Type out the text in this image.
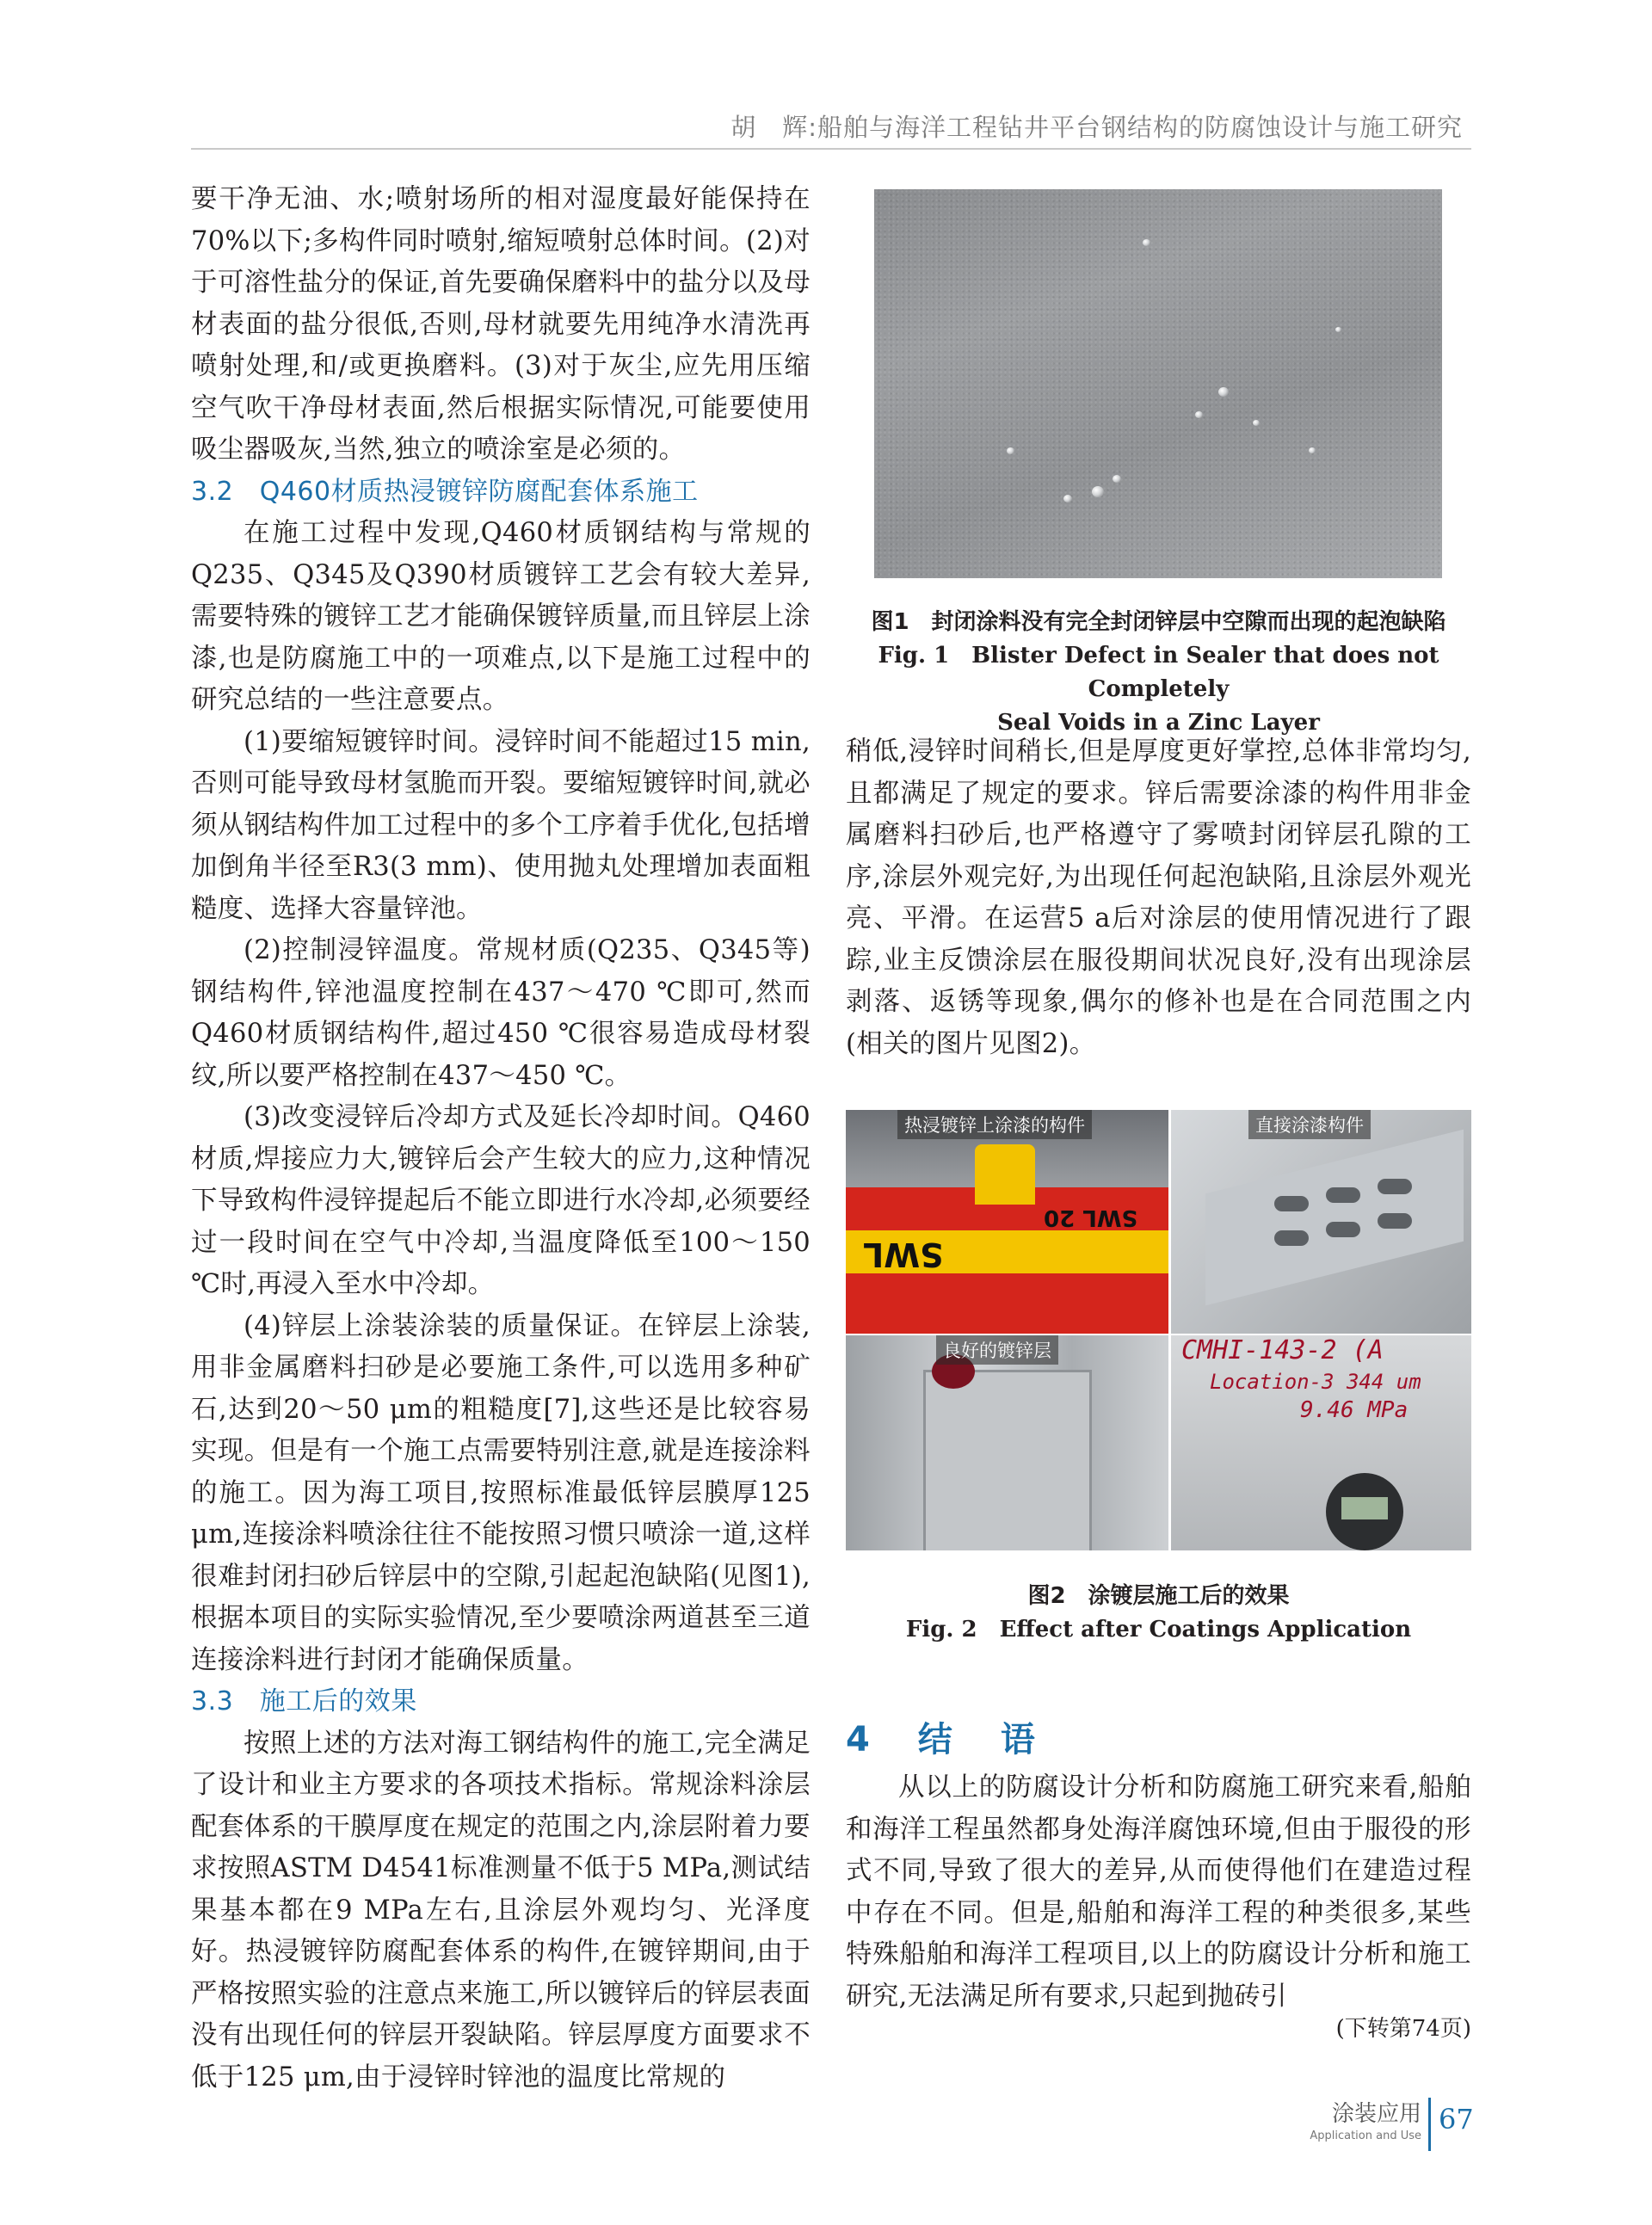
胡　辉:船舶与海洋工程钻井平台钢结构的防腐蚀设计与施工研究

要干净无油、水;喷射场所的相对湿度最好能保持在70%以下;多构件同时喷射,缩短喷射总体时间。(2)对于可溶性盐分的保证,首先要确保磨料中的盐分以及母材表面的盐分很低,否则,母材就要先用纯净水清洗再喷射处理,和/或更换磨料。(3)对于灰尘,应先用压缩空气吹干净母材表面,然后根据实际情况,可能要使用吸尘器吸灰,当然,独立的喷涂室是必须的。

3.2　Q460材质热浸镀锌防腐配套体系施工

在施工过程中发现,Q460材质钢结构与常规的Q235、Q345及Q390材质镀锌工艺会有较大差异,需要特殊的镀锌工艺才能确保镀锌质量,而且锌层上涂漆,也是防腐施工中的一项难点,以下是施工过程中的研究总结的一些注意要点。

(1)要缩短镀锌时间。浸锌时间不能超过15 min,否则可能导致母材氢脆而开裂。要缩短镀锌时间,就必须从钢结构件加工过程中的多个工序着手优化,包括增加倒角半径至R3(3 mm)、使用抛丸处理增加表面粗糙度、选择大容量锌池。

(2)控制浸锌温度。常规材质(Q235、Q345等)钢结构件,锌池温度控制在437～470 ℃即可,然而Q460材质钢结构件,超过450 ℃很容易造成母材裂纹,所以要严格控制在437～450 ℃。

(3)改变浸锌后冷却方式及延长冷却时间。Q460材质,焊接应力大,镀锌后会产生较大的应力,这种情况下导致构件浸锌提起后不能立即进行水冷却,必须要经过一段时间在空气中冷却,当温度降低至100～150 ℃时,再浸入至水中冷却。

(4)锌层上涂装涂装的质量保证。在锌层上涂装,用非金属磨料扫砂是必要施工条件,可以选用多种矿石,达到20～50 μm的粗糙度[7],这些还是比较容易实现。但是有一个施工点需要特别注意,就是连接涂料的施工。因为海工项目,按照标准最低锌层膜厚125 μm,连接涂料喷涂往往不能按照习惯只喷涂一道,这样很难封闭扫砂后锌层中的空隙,引起起泡缺陷(见图1),根据本项目的实际实验情况,至少要喷涂两道甚至三道连接涂料进行封闭才能确保质量。

3.3　施工后的效果

按照上述的方法对海工钢结构件的施工,完全满足了设计和业主方要求的各项技术指标。常规涂料涂层配套体系的干膜厚度在规定的范围之内,涂层附着力要求按照ASTM D4541标准测量不低于5 MPa,测试结果基本都在9 MPa左右,且涂层外观均匀、光泽度好。热浸镀锌防腐配套体系的构件,在镀锌期间,由于严格按照实验的注意点来施工,所以镀锌后的锌层表面没有出现任何的锌层开裂缺陷。锌层厚度方面要求不低于125 μm,由于浸锌时锌池的温度比常规的

图1　封闭涂料没有完全封闭锌层中空隙而出现的起泡缺陷
Fig. 1　Blister Defect in Sealer that does not Completely
Seal Voids in a Zinc Layer

稍低,浸锌时间稍长,但是厚度更好掌控,总体非常均匀,且都满足了规定的要求。锌后需要涂漆的构件用非金属磨料扫砂后,也严格遵守了雾喷封闭锌层孔隙的工序,涂层外观完好,为出现任何起泡缺陷,且涂层外观光亮、平滑。在运营5 a后对涂层的使用情况进行了跟踪,业主反馈涂层在服役期间状况良好,没有出现涂层剥落、返锈等现象,偶尔的修补也是在合同范围之内(相关的图片见图2)。

SWL
SWL 20
热浸镀锌上涂漆的构件	直接涂漆构件
良好的镀锌层	CMHI-143-2 (A
Location-3 344 um
9.46 MPa
图2　涂镀层施工后的效果
Fig. 2　Effect after Coatings Application
4　结　语

从以上的防腐设计分析和防腐施工研究来看,船舶和海洋工程虽然都身处海洋腐蚀环境,但由于服役的形式不同,导致了很大的差异,从而使得他们在建造过程中存在不同。但是,船舶和海洋工程的种类很多,某些特殊船舶和海洋工程项目,以上的防腐设计分析和施工研究,无法满足所有要求,只起到抛砖引

(下转第74页)
涂装应用
Application and Use
67
